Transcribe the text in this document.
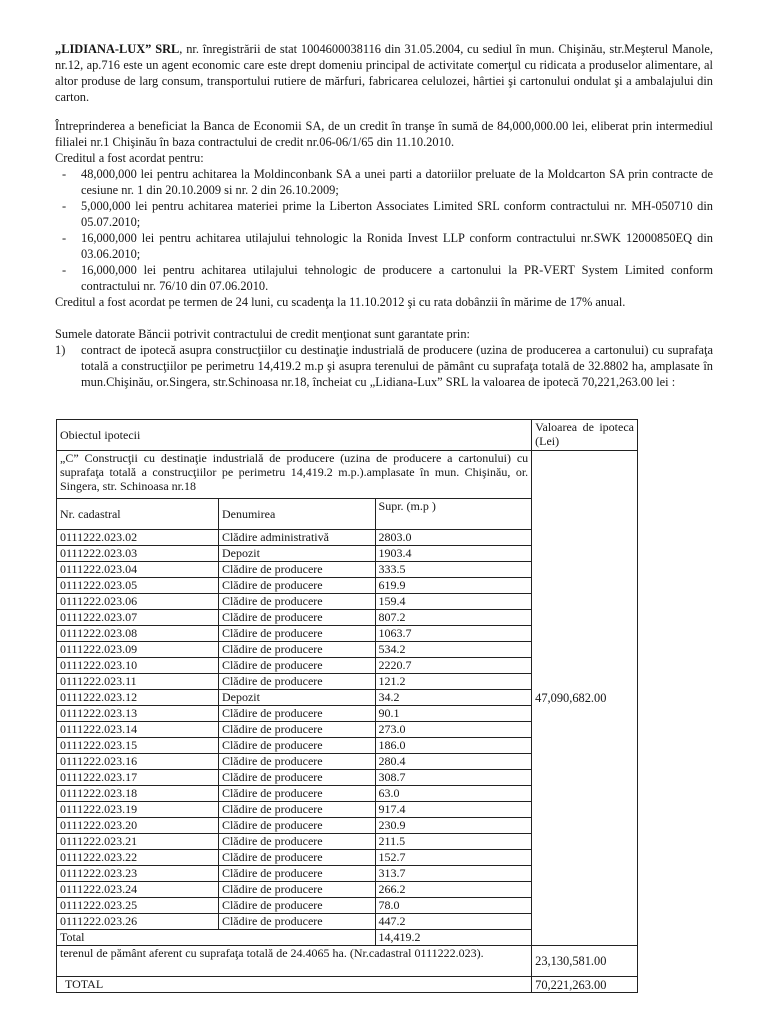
„LIDIANA-LUX” SRL, nr. înregistrării de stat 1004600038116 din 31.05.2004, cu sediul în mun. Chişinău, str.Meşterul Manole, nr.12, ap.716 este un agent economic care este drept domeniu principal de activitate comerţul cu ridicata a produselor alimentare, al altor produse de larg consum, transportului rutiere de mărfuri, fabricarea celulozei, hârtiei şi cartonului ondulat şi a ambalajului din carton.

Întreprinderea a beneficiat la Banca de Economii SA, de un credit în tranşe în sumă de 84,000,000.00 lei, eliberat prin intermediul filialei nr.1 Chişinău în baza contractului de credit nr.06-06/1/65 din 11.10.2010.

Creditul a fost acordat pentru:

- 48,000,000 lei pentru achitarea la Moldinconbank SA a unei parti a datoriilor preluate de la Moldcarton SA prin contracte de cesiune nr. 1 din 20.10.2009 si nr. 2 din 26.10.2009;
- 5,000,000 lei pentru achitarea materiei prime la Liberton Associates Limited SRL conform contractului nr. MH-050710 din 05.07.2010;
- 16,000,000 lei pentru achitarea utilajului tehnologic la Ronida Invest LLP conform contractului nr.SWK 12000850EQ din 03.06.2010;
- 16,000,000 lei pentru achitarea utilajului tehnologic de producere a cartonului la PR-VERT System Limited conform contractului nr. 76/10 din 07.06.2010.

Creditul a fost acordat pe termen de 24 luni, cu scadenţa la 11.10.2012 şi cu rata dobânzii în mărime de 17% anual.

Sumele datorate Băncii potrivit contractului de credit menţionat sunt garantate prin:

1) contract de ipotecă asupra construcţiilor cu destinaţie industrială de producere (uzina de producerea a cartonului) cu suprafaţa totală a construcţiilor pe perimetru 14,419.2 m.p şi asupra terenului de pământ cu suprafaţa totală de 32.8802 ha, amplasate în mun.Chişinău, or.Singera, str.Schinoasa nr.18, încheiat cu „Lidiana-Lux” SRL la valoarea de ipotecă 70,221,263.00 lei :

Obiectul ipotecii			Valoarea de ipoteca (Lei)
„C” Construcţii cu destinaţie industrială de producere (uzina de producere a cartonului) cu suprafaţa totală a construcţiilor pe perimetru 14,419.2 m.p.).amplasate în mun. Chişinău, or. Singera, str. Schinoasa nr.18			47,090,682.00
Nr. cadastral	Denumirea	Supr. (m.p )	
0111222.023.02	Clădire administrativă	2803.0	
0111222.023.03	Depozit	1903.4	
0111222.023.04	Clădire de producere	333.5	
0111222.023.05	Clădire de producere	619.9	
0111222.023.06	Clădire de producere	159.4	
0111222.023.07	Clădire de producere	807.2	
0111222.023.08	Clădire de producere	1063.7	
0111222.023.09	Clădire de producere	534.2	
0111222.023.10	Clădire de producere	2220.7	
0111222.023.11	Clădire de producere	121.2	
0111222.023.12	Depozit	34.2	
0111222.023.13	Clădire de producere	90.1	
0111222.023.14	Clădire de producere	273.0	
0111222.023.15	Clădire de producere	186.0	
0111222.023.16	Clădire de producere	280.4	
0111222.023.17	Clădire de producere	308.7	
0111222.023.18	Clădire de producere	63.0	
0111222.023.19	Clădire de producere	917.4	
0111222.023.20	Clădire de producere	230.9	
0111222.023.21	Clădire de producere	211.5	
0111222.023.22	Clădire de producere	152.7	
0111222.023.23	Clădire de producere	313.7	
0111222.023.24	Clădire de producere	266.2	
0111222.023.25	Clădire de producere	78.0	
0111222.023.26	Clădire de producere	447.2	
Total		14,419.2	
terenul de pământ aferent cu suprafaţa totală de 24.4065 ha. (Nr.cadastral 0111222.023).			23,130,581.00
TOTAL			70,221,263.00
